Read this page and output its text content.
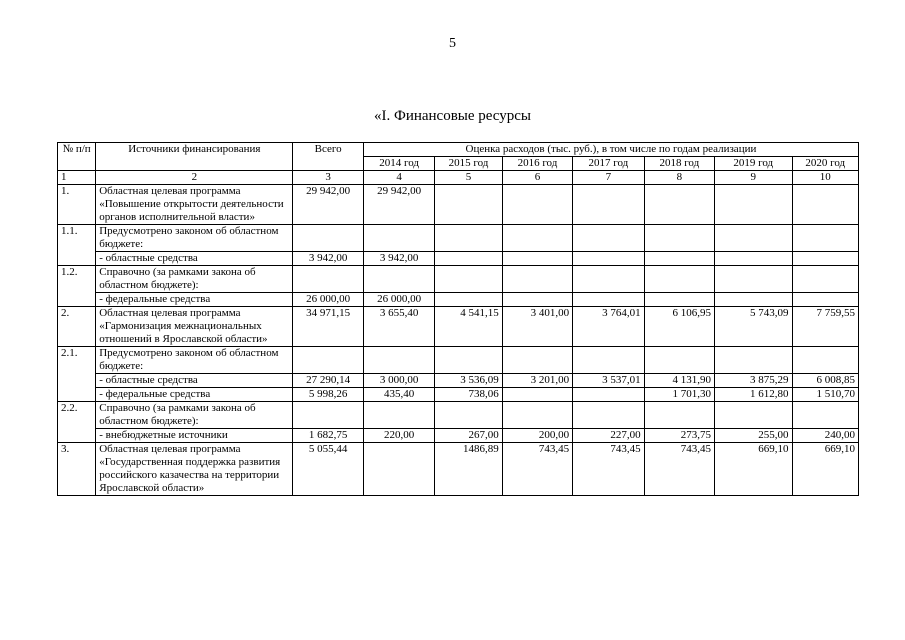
5
«I. Финансовые ресурсы
№ п/п	Источники финансирования	Всего	Оценка расходов (тыс. руб.), в том числе по годам реализации						
			2014 год	2015 год	2016 год	2017 год	2018 год	2019 год	2020 год
1	2	3	4	5	6	7	8	9	10
1.	Областная целевая программа «Повышение открытости деятельности органов исполнительной власти»	29 942,00	29 942,00						
1.1.	Предусмотрено законом об областном бюджете:								
	- областные средства	3 942,00	3 942,00						
1.2.	Справочно (за рамками закона об областном бюджете):								
	- федеральные средства	26 000,00	26 000,00						
2.	Областная целевая программа «Гармонизация межнациональных отношений в Ярославской области»	34 971,15	3 655,40	4 541,15	3 401,00	3 764,01	6 106,95	5 743,09	7 759,55
2.1.	Предусмотрено законом об областном бюджете:								
	- областные средства	27 290,14	3 000,00	3 536,09	3 201,00	3 537,01	4 131,90	3 875,29	6 008,85
	- федеральные средства	5 998,26	435,40	738,06			1 701,30	1 612,80	1 510,70
2.2.	Справочно (за рамками закона об областном бюджете):								
	- внебюджетные источники	1 682,75	220,00	267,00	200,00	227,00	273,75	255,00	240,00
3.	Областная целевая программа «Государственная поддержка развития российского казачества на территории Ярославской области»	5 055,44		1486,89	743,45	743,45	743,45	669,10	669,10
